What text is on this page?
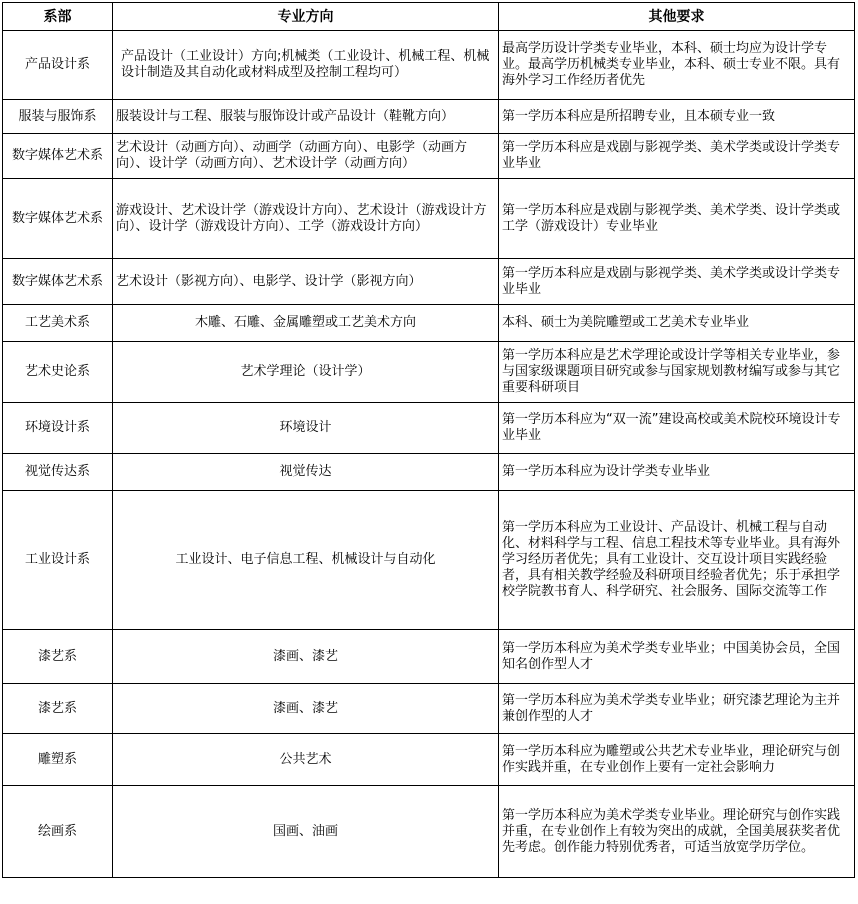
系部	专业方向	其他要求
产品设计系	产品设计（工业设计）方向;机械类（工业设计、机械工程、机械设计制造及其自动化或材料成型及控制工程均可）	最高学历设计学类专业毕业，本科、硕士均应为设计学专业。最高学历机械类专业毕业，本科、硕士专业不限。具有海外学习工作经历者优先
服装与服饰系	服装设计与工程、服装与服饰设计或产品设计（鞋靴方向）	第一学历本科应是所招聘专业，且本硕专业一致
数字媒体艺术系	艺术设计（动画方向）、动画学（动画方向）、电影学（动画方向）、设计学（动画方向）、艺术设计学（动画方向）	第一学历本科应是戏剧与影视学类、美术学类或设计学类专业毕业
数字媒体艺术系	游戏设计、艺术设计学（游戏设计方向）、艺术设计（游戏设计方向）、设计学（游戏设计方向）、工学（游戏设计方向）	第一学历本科应是戏剧与影视学类、美术学类、设计学类或工学（游戏设计）专业毕业
数字媒体艺术系	艺术设计（影视方向）、电影学、设计学（影视方向）	第一学历本科应是戏剧与影视学类、美术学类或设计学类专业毕业
工艺美术系	木雕、石雕、金属雕塑或工艺美术方向	本科、硕士为美院雕塑或工艺美术专业毕业
艺术史论系	艺术学理论（设计学）	第一学历本科应是艺术学理论或设计学等相关专业毕业，参与国家级课题项目研究或参与国家规划教材编写或参与其它重要科研项目
环境设计系	环境设计	第一学历本科应为“双一流”建设高校或美术院校环境设计专业毕业
视觉传达系	视觉传达	第一学历本科应为设计学类专业毕业
工业设计系	工业设计、电子信息工程、机械设计与自动化	第一学历本科应为工业设计、产品设计、机械工程与自动化、材料科学与工程、信息工程技术等专业毕业。具有海外学习经历者优先；具有工业设计、交互设计项目实践经验者，具有相关教学经验及科研项目经验者优先；乐于承担学校学院教书育人、科学研究、社会服务、国际交流等工作
漆艺系	漆画、漆艺	第一学历本科应为美术学类专业毕业；中国美协会员，全国知名创作型人才
漆艺系	漆画、漆艺	第一学历本科应为美术学类专业毕业；研究漆艺理论为主并兼创作型的人才
雕塑系	公共艺术	第一学历本科应为雕塑或公共艺术专业毕业，理论研究与创作实践并重，在专业创作上要有一定社会影响力
绘画系	国画、油画	第一学历本科应为美术学类专业毕业。理论研究与创作实践并重，在专业创作上有较为突出的成就，全国美展获奖者优先考虑。创作能力特别优秀者，可适当放宽学历学位。
